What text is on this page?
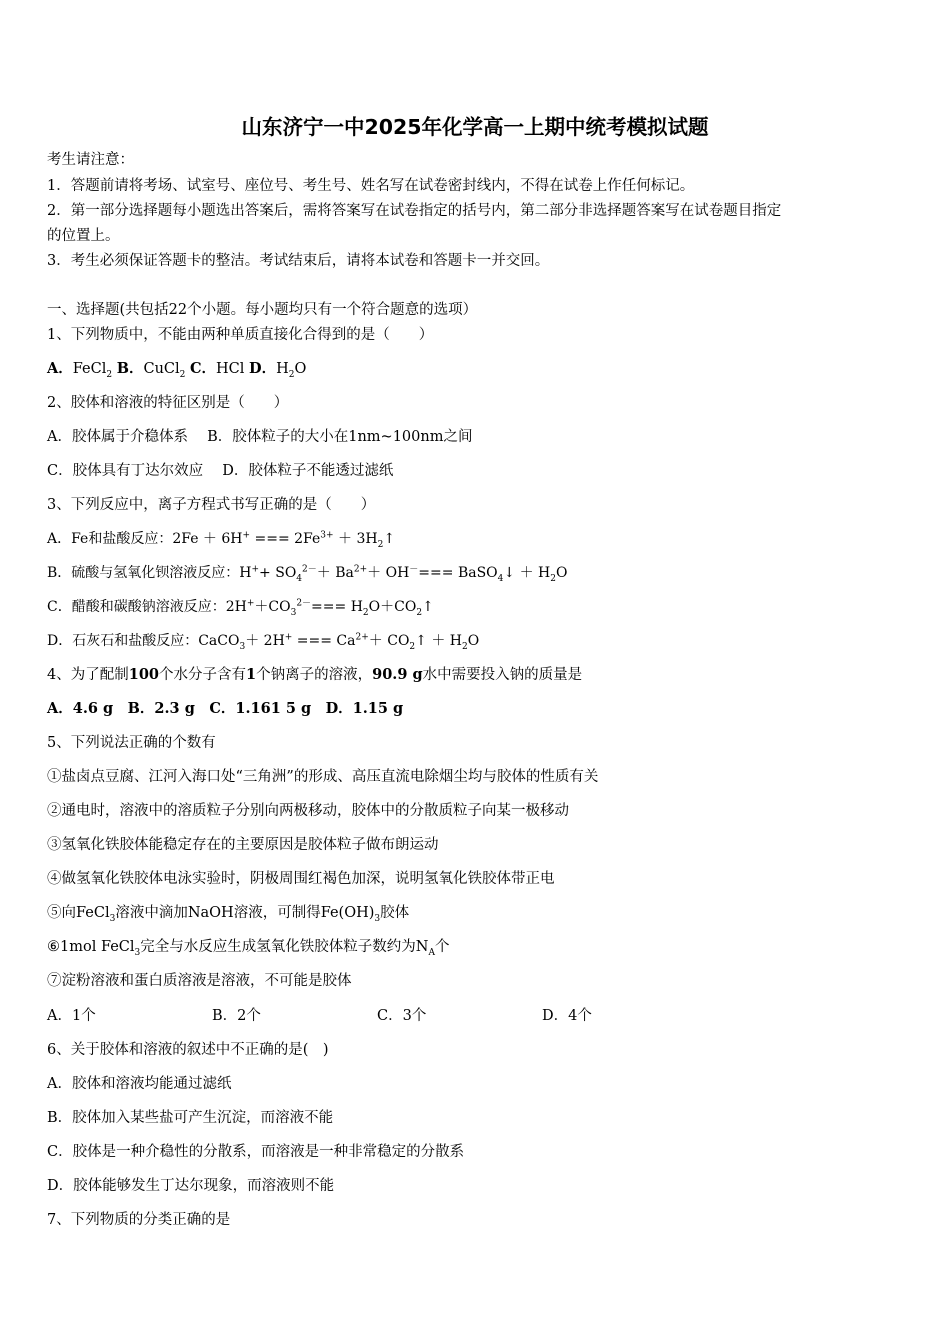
山东济宁一中2025年化学高一上期中统考模拟试题
考生请注意：
1．答题前请将考场、试室号、座位号、考生号、姓名写在试卷密封线内，不得在试卷上作任何标记。
2．第一部分选择题每小题选出答案后，需将答案写在试卷指定的括号内，第二部分非选择题答案写在试卷题目指定
的位置上。
3．考生必须保证答题卡的整洁。考试结束后，请将本试卷和答题卡一并交回。
一、选择题(共包括22个小题。每小题均只有一个符合题意的选项）
1、下列物质中，不能由两种单质直接化合得到的是（　　）
A．FeCl$_2$ B．CuCl$_2$ C．HCl D．$H_2O$
2、胶体和溶液的特征区别是（　　）
A．胶体属于介稳体系　 B．胶体粒子的大小在1nm~100nm之间
C．胶体具有丁达尔效应　 D．胶体粒子不能透过滤纸
3、下列反应中，离子方程式书写正确的是（　　）
A．Fe和盐酸反应：2Fe ＋ 6H+ === $2Fe^{3+}$ ＋ $3H_2↑$
B．硫酸与氢氧化钡溶液反应：$H^++ SO_4^{2-}+ Ba^{2+}+ OH^-===$ BaSO$_4$↓ ＋ $H_2O$
C．醋酸和碳酸钠溶液反应：$2H^++CO_3^{2-}===$ $H_2O+CO_2↑$
D．石灰石和盐酸反应：CaCO$_3$＋ 2H+ === $Ca^{2+}+$ $CO_2↑ + H_2O$
4、为了配制100个水分子含有1个钠离子的溶液，90.9 g水中需要投入钠的质量是
A．4.6 g　B．2.3 g　C．1.161 5 g　D．1.15 g
5、下列说法正确的个数有
①盐卤点豆腐、江河入海口处“三角洲”的形成、高压直流电除烟尘均与胶体的性质有关
②通电时，溶液中的溶质粒子分别向两极移动，胶体中的分散质粒子向某一极移动
③氢氧化铁胶体能稳定存在的主要原因是胶体粒子做布朗运动
④做氢氧化铁胶体电泳实验时，阴极周围红褐色加深，说明氢氧化铁胶体带正电
⑤向FeCl$_3$溶液中滴加NaOH溶液，可制得$Fe(OH)_3$胶体
⑥1mol FeCl$_3$完全与水反应生成氢氧化铁胶体粒子数约为$N_A$个
⑦淀粉溶液和蛋白质溶液是溶液，不可能是胶体
A．1个	B．2个	C．3个	D．4个
6、关于胶体和溶液的叙述中不正确的是(　)
A．胶体和溶液均能通过滤纸
B．胶体加入某些盐可产生沉淀，而溶液不能
C．胶体是一种介稳性的分散系，而溶液是一种非常稳定的分散系
D．胶体能够发生丁达尔现象，而溶液则不能
7、下列物质的分类正确的是
